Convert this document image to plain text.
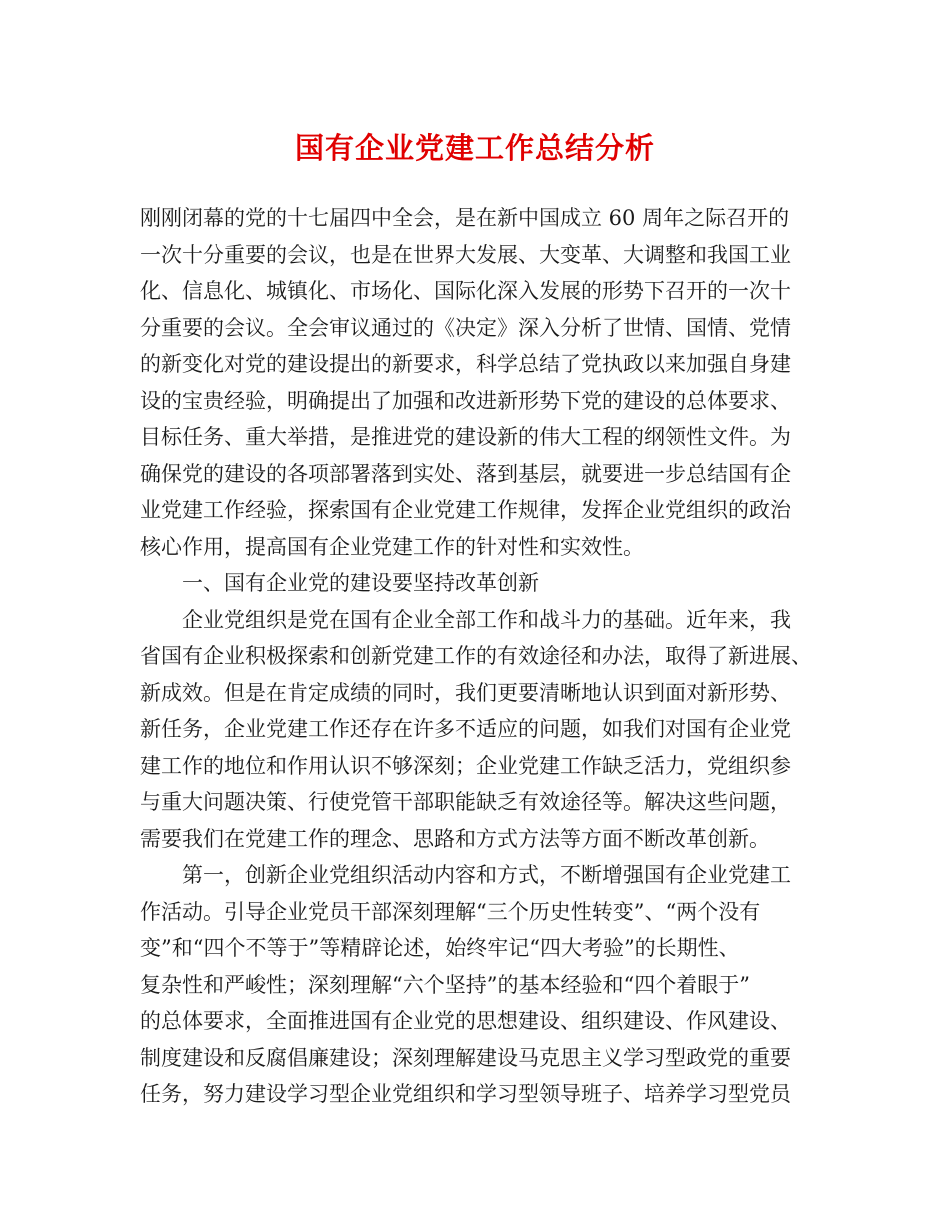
国有企业党建工作总结分析
刚刚闭幕的党的十七届四中全会，是在新中国成立 60 周年之际召开的
一次十分重要的会议，也是在世界大发展、大变革、大调整和我国工业
化、信息化、城镇化、市场化、国际化深入发展的形势下召开的一次十
分重要的会议。全会审议通过的《决定》深入分析了世情、国情、党情
的新变化对党的建设提出的新要求，科学总结了党执政以来加强自身建
设的宝贵经验，明确提出了加强和改进新形势下党的建设的总体要求、
目标任务、重大举措，是推进党的建设新的伟大工程的纲领性文件。为
确保党的建设的各项部署落到实处、落到基层，就要进一步总结国有企
业党建工作经验，探索国有企业党建工作规律，发挥企业党组织的政治
核心作用，提高国有企业党建工作的针对性和实效性。
一、国有企业党的建设要坚持改革创新
企业党组织是党在国有企业全部工作和战斗力的基础。近年来，我
省国有企业积极探索和创新党建工作的有效途径和办法，取得了新进展、
新成效。但是在肯定成绩的同时，我们更要清晰地认识到面对新形势、
新任务，企业党建工作还存在许多不适应的问题，如我们对国有企业党
建工作的地位和作用认识不够深刻；企业党建工作缺乏活力，党组织参
与重大问题决策、行使党管干部职能缺乏有效途径等。解决这些问题，
需要我们在党建工作的理念、思路和方式方法等方面不断改革创新。
第一，创新企业党组织活动内容和方式，不断增强国有企业党建工
作活动。引导企业党员干部深刻理解“三个历史性转变”、“两个没有
变”和“四个不等于”等精辟论述，始终牢记“四大考验”的长期性、
复杂性和严峻性；深刻理解“六个坚持”的基本经验和“四个着眼于”
的总体要求，全面推进国有企业党的思想建设、组织建设、作风建设、
制度建设和反腐倡廉建设；深刻理解建设马克思主义学习型政党的重要
任务，努力建设学习型企业党组织和学习型领导班子、培养学习型党员
